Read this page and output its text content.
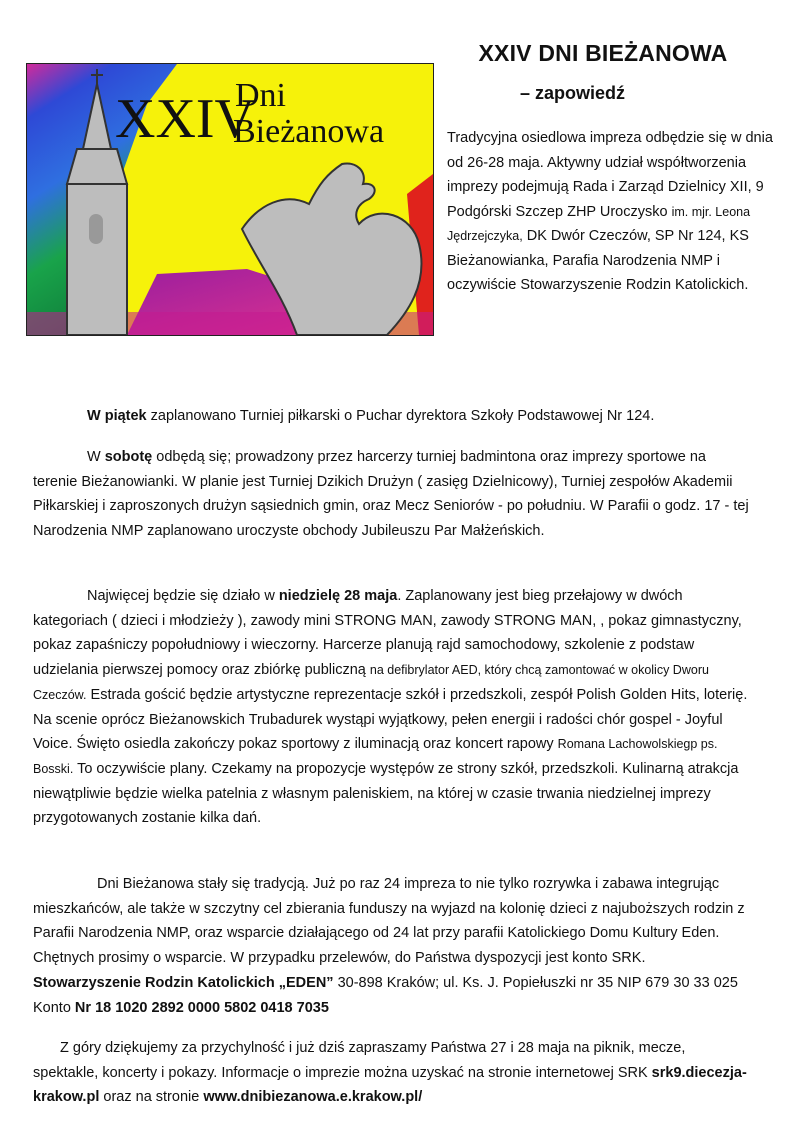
XXIV
Dni
Bieżanowa
XXIV DNI BIEŻANOWA
– zapowiedź
Tradycyjna osiedlowa impreza odbędzie się w dnia od 26-28 maja. Aktywny udział współtworzenia imprezy podejmują Rada i Zarząd Dzielnicy XII, 9 Podgórski Szczep ZHP Uroczysko im. mjr. Leona Jędrzejczyka, DK Dwór Czeczów, SP Nr 124, KS Bieżanowianka, Parafia Narodzenia NMP i oczywiście Stowarzyszenie Rodzin Katolickich.
W piątek zaplanowano Turniej piłkarski o Puchar dyrektora Szkoły Podstawowej Nr 124.
W sobotę odbędą się; prowadzony przez harcerzy turniej badmintona oraz imprezy sportowe na terenie Bieżanowianki. W planie jest Turniej Dzikich Drużyn ( zasięg Dzielnicowy), Turniej zespołów Akademii Piłkarskiej i zaproszonych drużyn sąsiednich gmin, oraz Mecz Seniorów - po południu. W Parafii o godz. 17 - tej Narodzenia NMP zaplanowano uroczyste obchody Jubileuszu Par Małżeńskich.
Najwięcej będzie się działo w niedzielę 28 maja. Zaplanowany jest bieg przełajowy w dwóch kategoriach ( dzieci i młodzieży ), zawody mini STRONG MAN, zawody STRONG MAN, , pokaz gimnastyczny, pokaz zapaśniczy popołudniowy i wieczorny. Harcerze planują rajd samochodowy, szkolenie z podstaw udzielania pierwszej pomocy oraz zbiórkę publiczną na defibrylator AED, który chcą zamontować w okolicy Dworu Czeczów. Estrada gościć będzie artystyczne reprezentacje szkół i przedszkoli, zespół Polish Golden Hits, loterię. Na scenie oprócz Bieżanowskich Trubadurek wystąpi wyjątkowy, pełen energii i radości chór gospel - Joyful Voice. Święto osiedla zakończy pokaz sportowy z iluminacją oraz koncert rapowy Romana Lachowolskiegp ps. Bosski. To oczywiście plany. Czekamy na propozycje występów ze strony szkół, przedszkoli. Kulinarną atrakcja niewątpliwie będzie wielka patelnia z własnym paleniskiem, na której w czasie trwania niedzielnej imprezy przygotowanych zostanie kilka dań.
Dni Bieżanowa stały się tradycją. Już po raz 24 impreza to nie tylko rozrywka i zabawa integrując mieszkańców, ale także w szczytny cel zbierania funduszy na wyjazd na kolonię dzieci z najuboższych rodzin z Parafii Narodzenia NMP, oraz wsparcie działającego od 24 lat przy parafii Katolickiego Domu Kultury Eden. Chętnych prosimy o wsparcie. W przypadku przelewów, do Państwa dyspozycji jest konto SRK. Stowarzyszenie Rodzin Katolickich „EDEN” 30-898 Kraków; ul. Ks. J. Popiełuszki nr 35 NIP 679 30 33 025 Konto Nr 18 1020 2892 0000 5802 0418 7035
Z góry dziękujemy za przychylność i już dziś zapraszamy Państwa 27 i 28 maja na piknik, mecze, spektakle, koncerty i pokazy. Informacje o imprezie można uzyskać na stronie internetowej SRK srk9.diecezja-krakow.pl oraz na stronie www.dnibiezanowa.e.krakow.pl/
